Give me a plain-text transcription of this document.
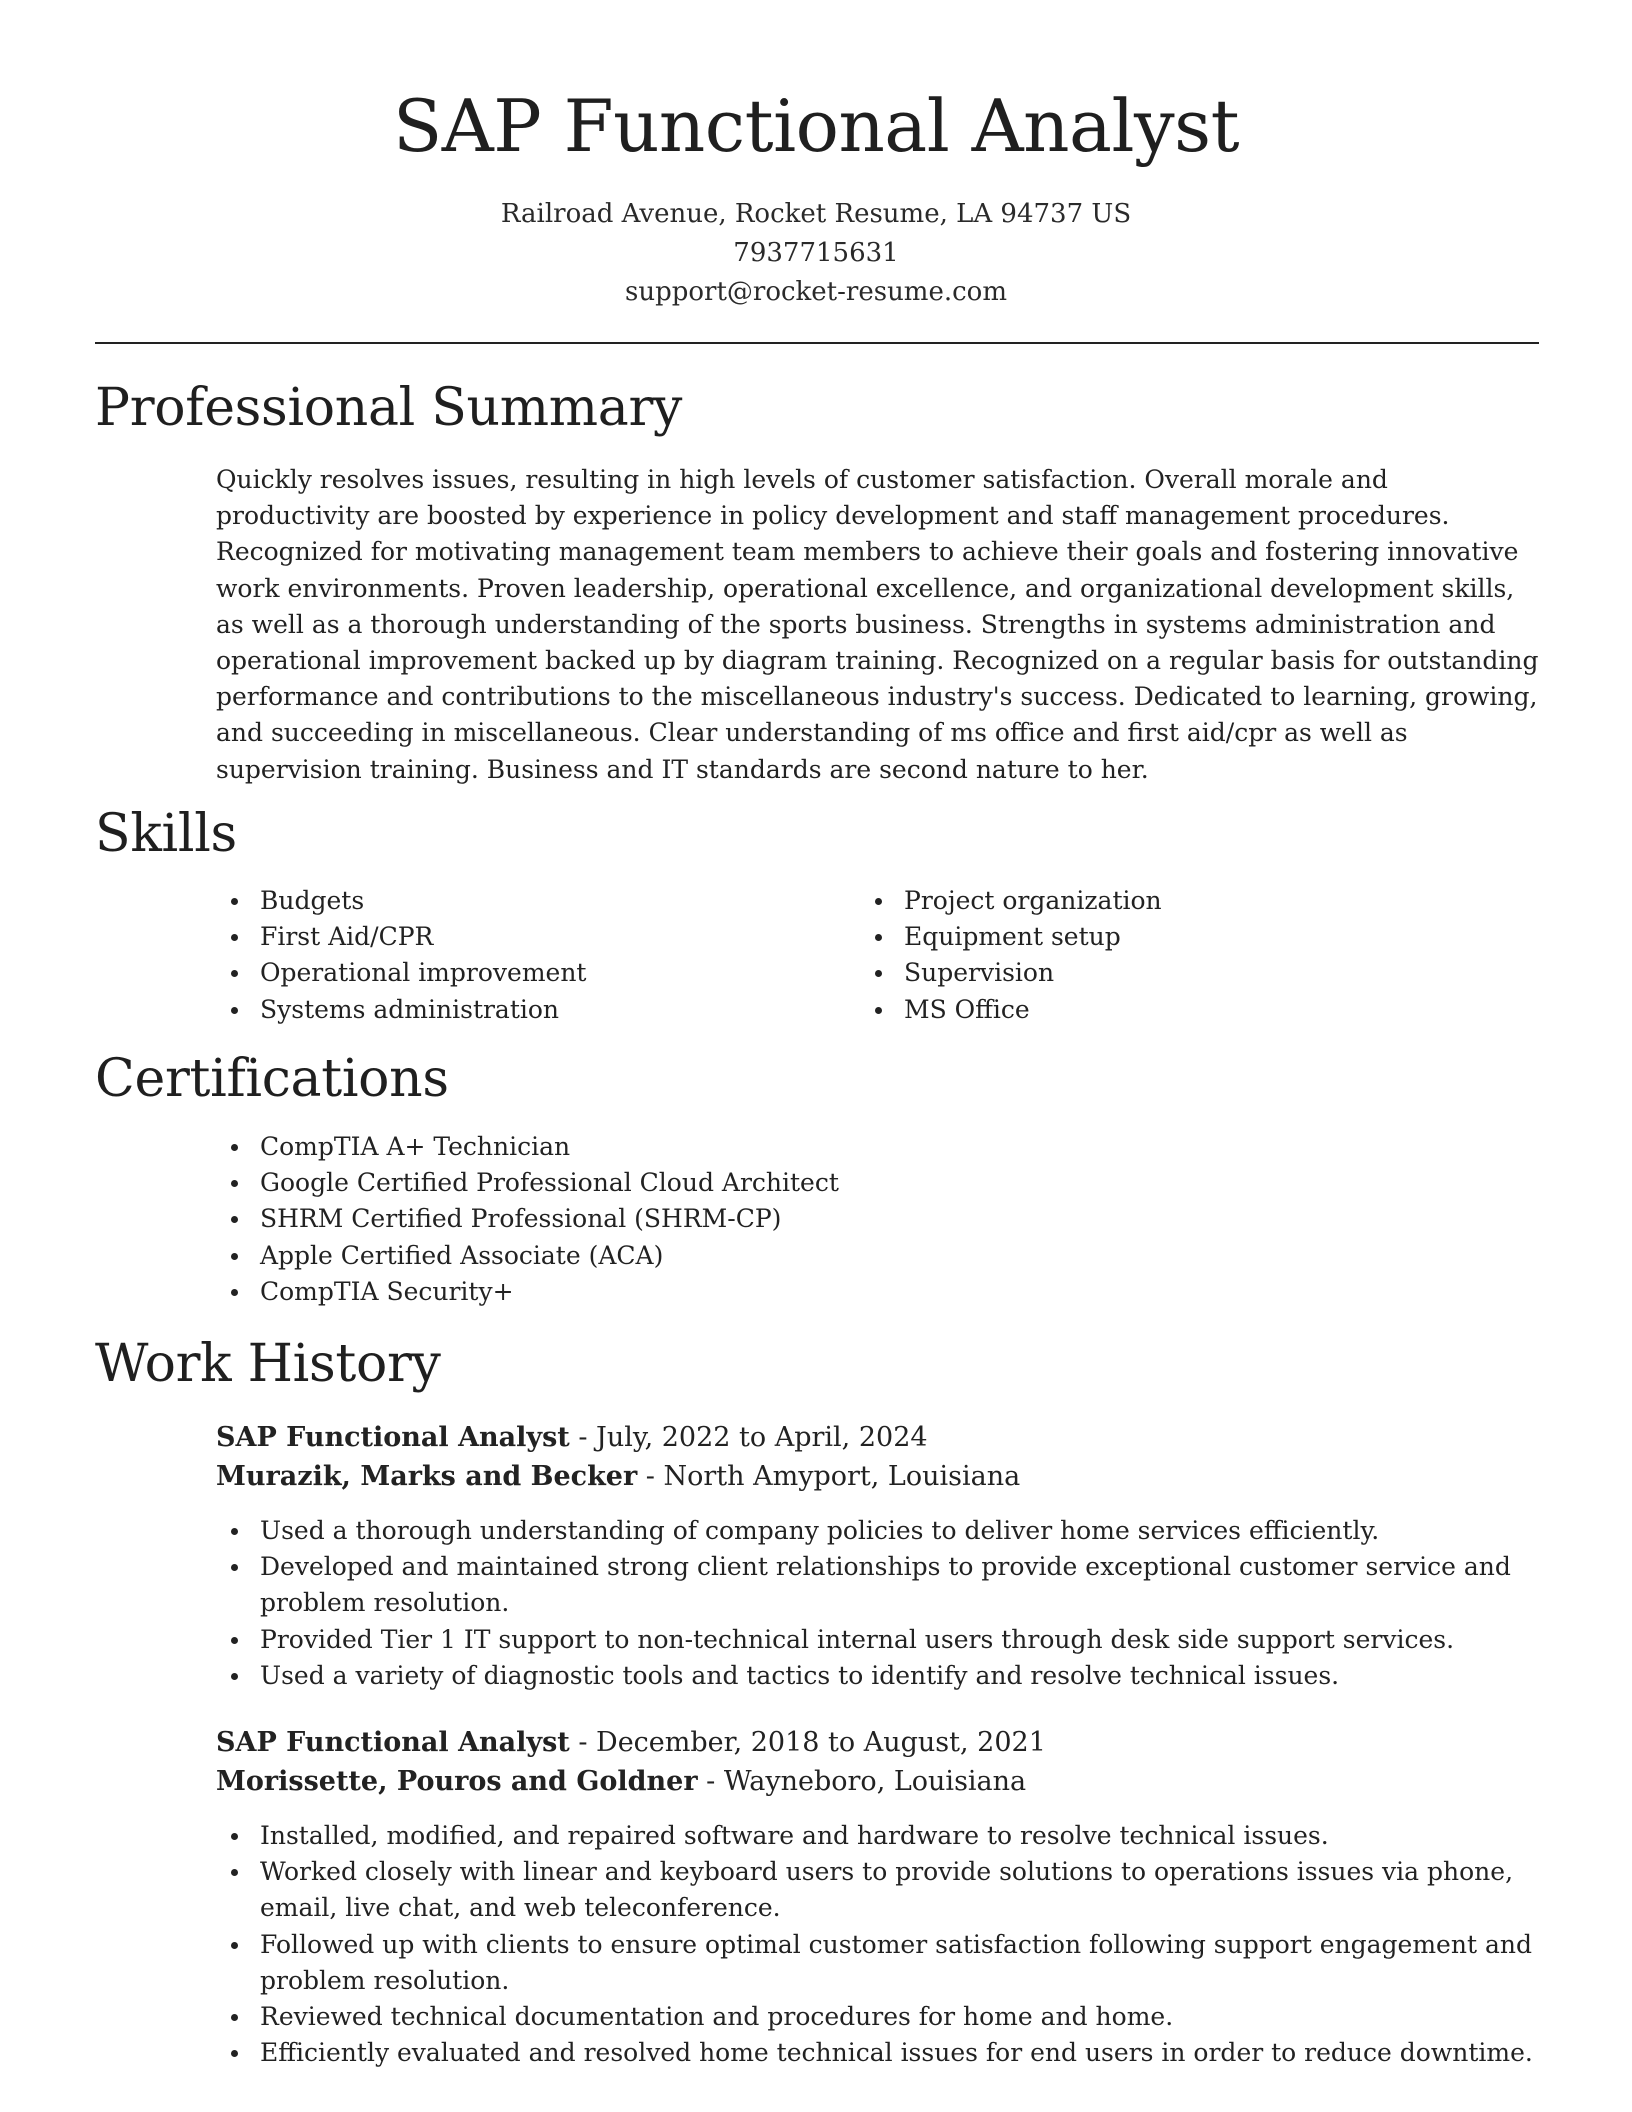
SAP Functional Analyst
Railroad Avenue, Rocket Resume, LA 94737 US
7937715631
support@rocket-resume.com
Professional Summary

Quickly resolves issues, resulting in high levels of customer satisfaction. Overall morale and productivity are boosted by experience in policy development and staff management procedures. Recognized for motivating management team members to achieve their goals and fostering innovative work environments. Proven leadership, operational excellence, and organizational development skills, as well as a thorough understanding of the sports business. Strengths in systems administration and operational improvement backed up by diagram training. Recognized on a regular basis for outstanding performance and contributions to the miscellaneous industry's success. Dedicated to learning, growing, and succeeding in miscellaneous. Clear understanding of ms office and first aid/cpr as well as supervision training. Business and IT standards are second nature to her.

Skills
Budgets
First Aid/CPR
Operational improvement
Systems administration
Project organization
Equipment setup
Supervision
MS Office
Certifications
CompTIA A+ Technician
Google Certified Professional Cloud Architect
SHRM Certified Professional (SHRM-CP)
Apple Certified Associate (ACA)
CompTIA Security+
Work History
SAP Functional Analyst - July, 2022 to April, 2024
Murazik, Marks and Becker - North Amyport, Louisiana
Used a thorough understanding of company policies to deliver home services efficiently.
Developed and maintained strong client relationships to provide exceptional customer service and problem resolution.
Provided Tier 1 IT support to non-technical internal users through desk side support services.
Used a variety of diagnostic tools and tactics to identify and resolve technical issues.
SAP Functional Analyst - December, 2018 to August, 2021
Morissette, Pouros and Goldner - Wayneboro, Louisiana
Installed, modified, and repaired software and hardware to resolve technical issues.
Worked closely with linear and keyboard users to provide solutions to operations issues via phone, email, live chat, and web teleconference.
Followed up with clients to ensure optimal customer satisfaction following support engagement and problem resolution.
Reviewed technical documentation and procedures for home and home.
Efficiently evaluated and resolved home technical issues for end users in order to reduce downtime.
